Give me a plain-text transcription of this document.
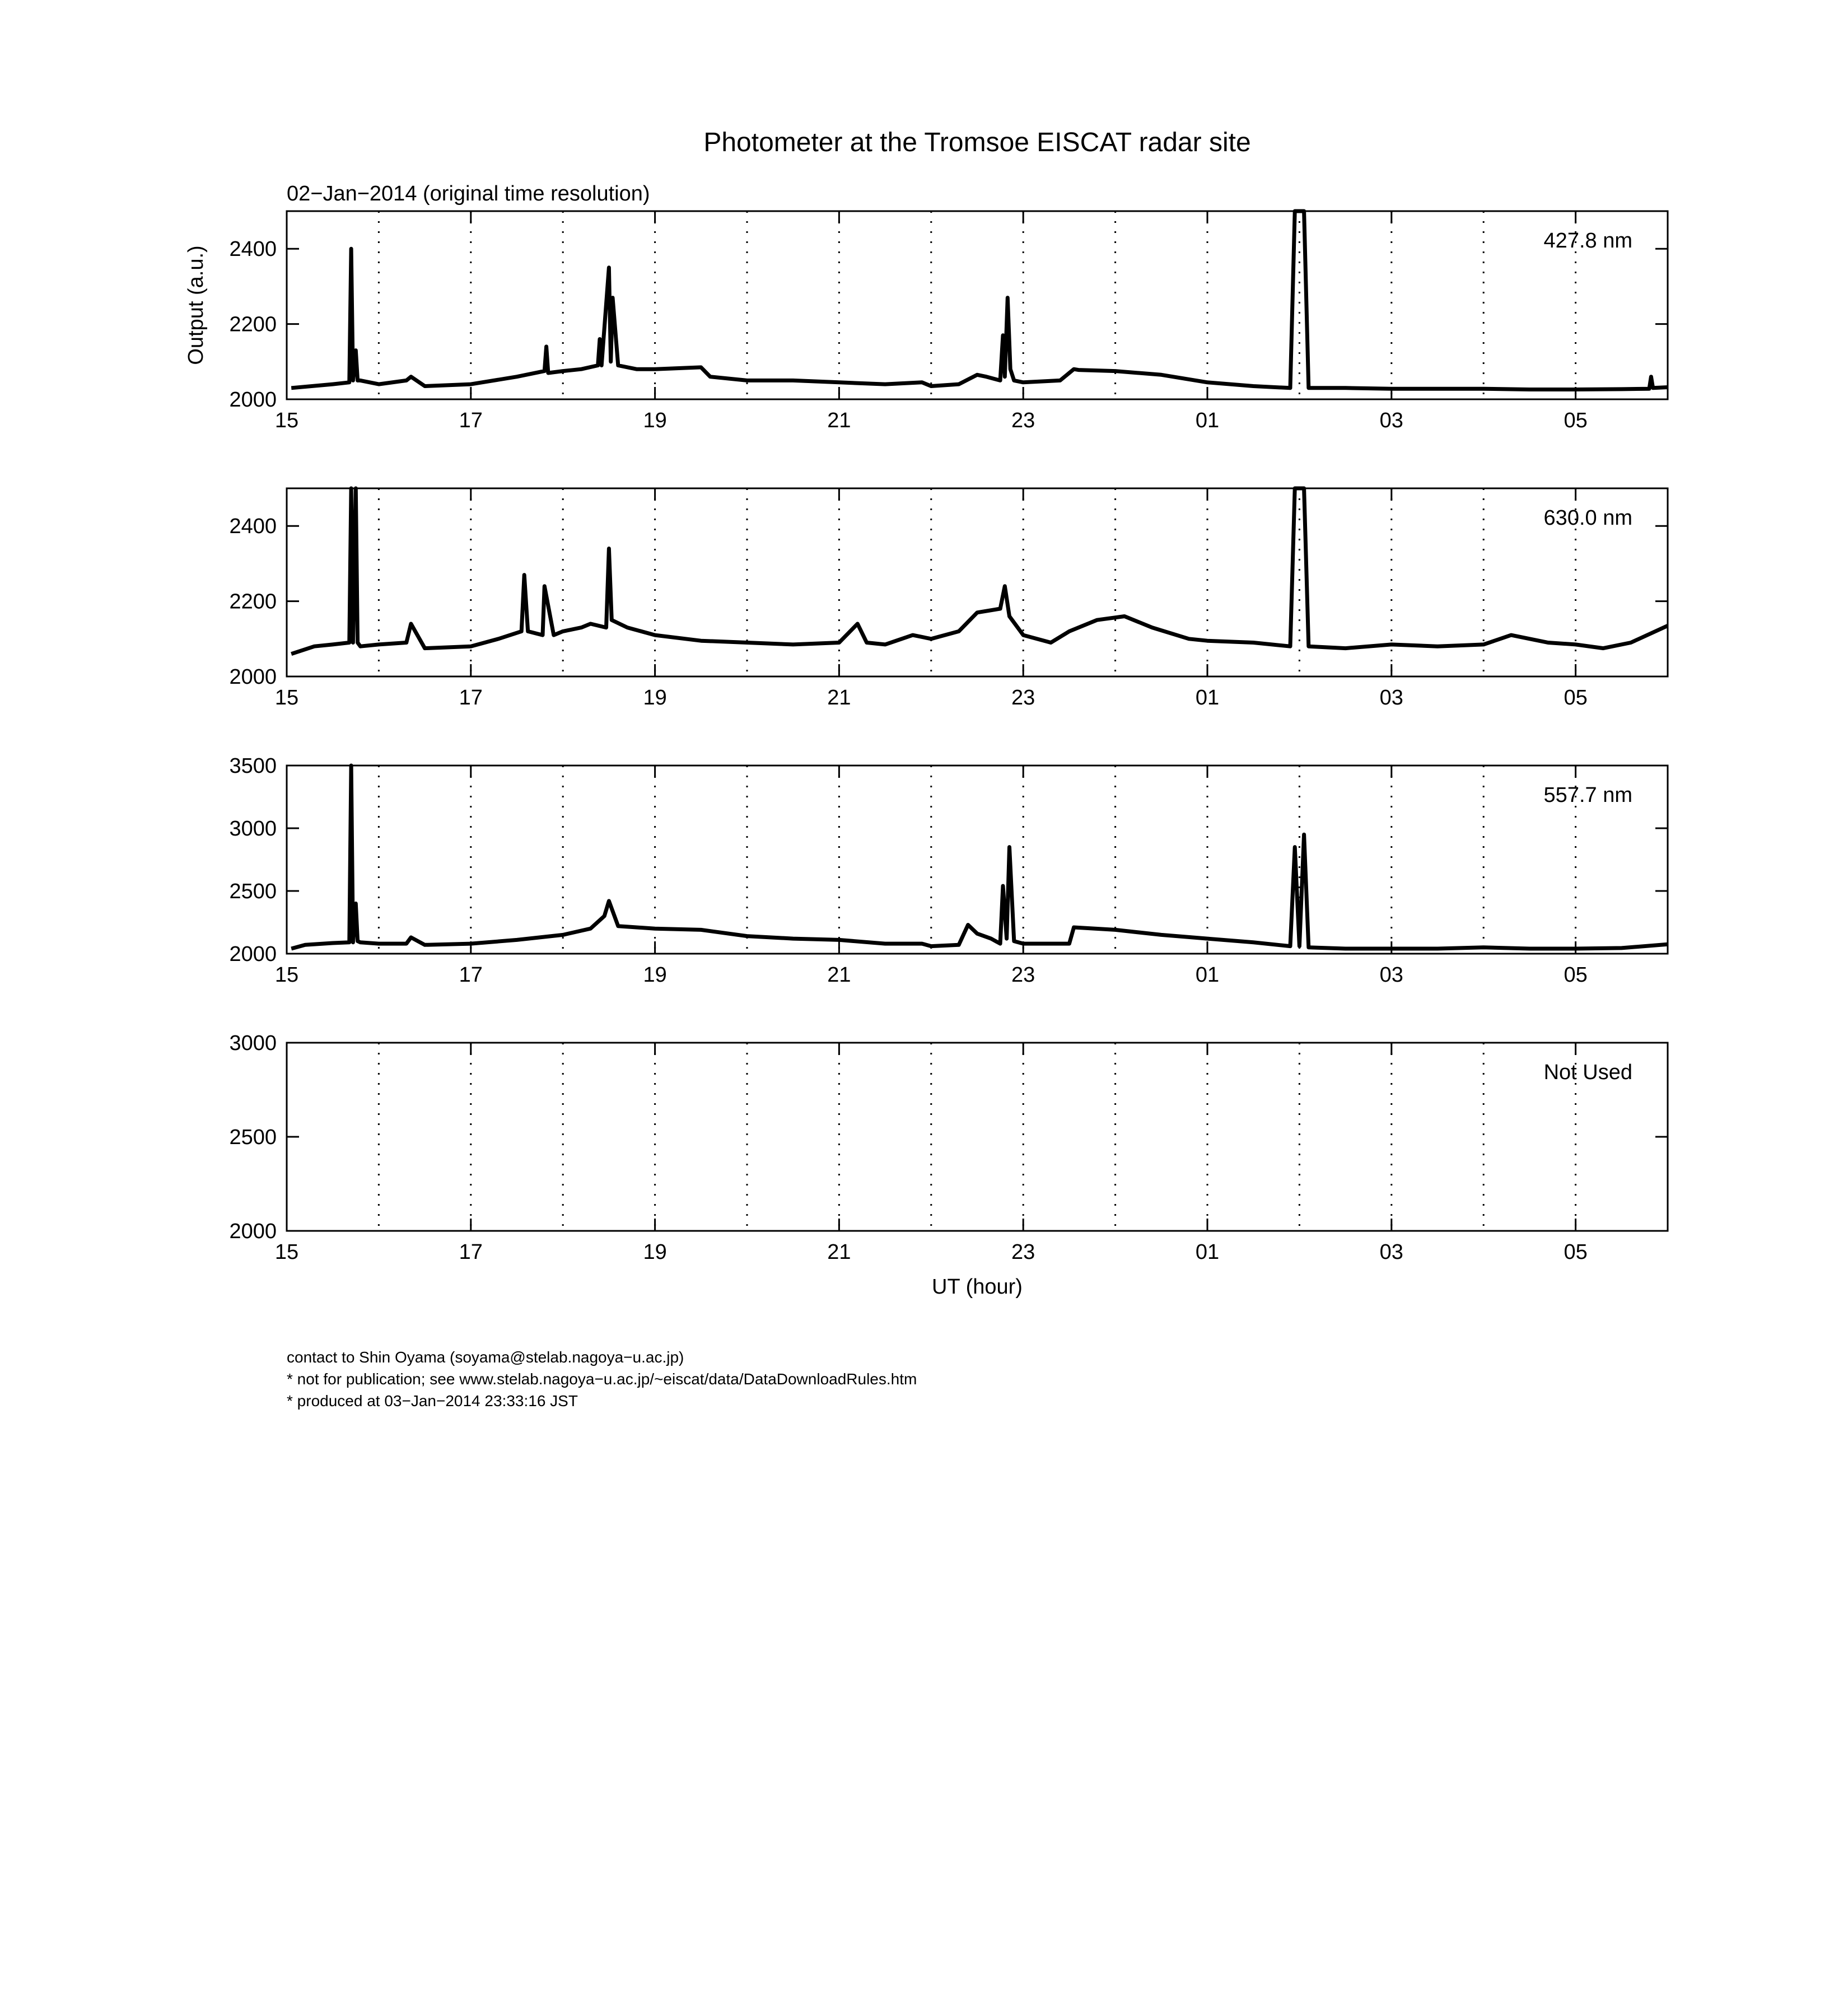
Photometer at the Tromsoe EISCAT radar site
02−Jan−2014 (original time resolution)
Output (a.u.)
UT (hour)
15	17	19	21	23	01	03	05
2000
2200
2400	427.8 nm
15	17	19	21	23	01	03	05
2000
2200
2400	630.0 nm
15	17	19	21	23	01	03	05
2000
2500
3000
3500
557.7 nm
15	17	19	21	23	01	03	05
2000
2500
3000
Not Used
contact to Shin Oyama (soyama@stelab.nagoya−u.ac.jp)
* not for publication; see www.stelab.nagoya−u.ac.jp/~eiscat/data/DataDownloadRules.htm
* produced at 03−Jan−2014 23:33:16 JST
